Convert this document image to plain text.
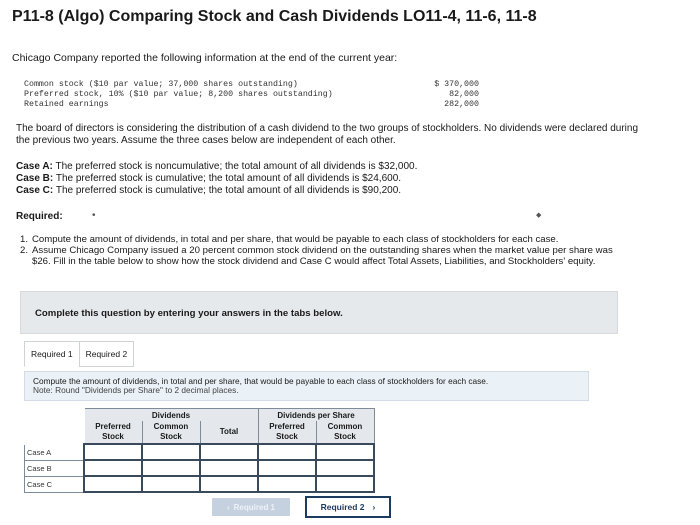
P11-8 (Algo) Comparing Stock and Cash Dividends LO11-4, 11-6, 11-8
Chicago Company reported the following information at the end of the current year:
Common stock ($10 par value; 37,000 shares outstanding)	$ 370,000
Preferred stock, 10% ($10 par value; 8,200 shares outstanding)	82,000
Retained earnings	282,000
The board of directors is considering the distribution of a cash dividend to the two groups of stockholders. No dividends were declared during the previous two years. Assume the three cases below are independent of each other.
Case A: The preferred stock is noncumulative; the total amount of all dividends is $32,000.
Case B: The preferred stock is cumulative; the total amount of all dividends is $24,600.
Case C: The preferred stock is cumulative; the total amount of all dividends is $90,200.
Required:	•	◆
1. Compute the amount of dividends, in total and per share, that would be payable to each class of stockholders for each case.
2. Assume Chicago Company issued a 20 percent common stock dividend on the outstanding shares when the market value per share was $26. Fill in the table below to show how the stock dividend and Case C would affect Total Assets, Liabilities, and Stockholders' equity.
Complete this question by entering your answers in the tabs below.
Required 1	Required 2
Compute the amount of dividends, in total and per share, that would be payable to each class of stockholders for each case.
Note: Round "Dividends per Share" to 2 decimal places.
		Dividends		Dividends per Share	
	Preferred Stock	Common Stock	Total	Preferred Stock	Common Stock
Case A					
Case B					
Case C					
‹ Required 1	Required 2 ›
